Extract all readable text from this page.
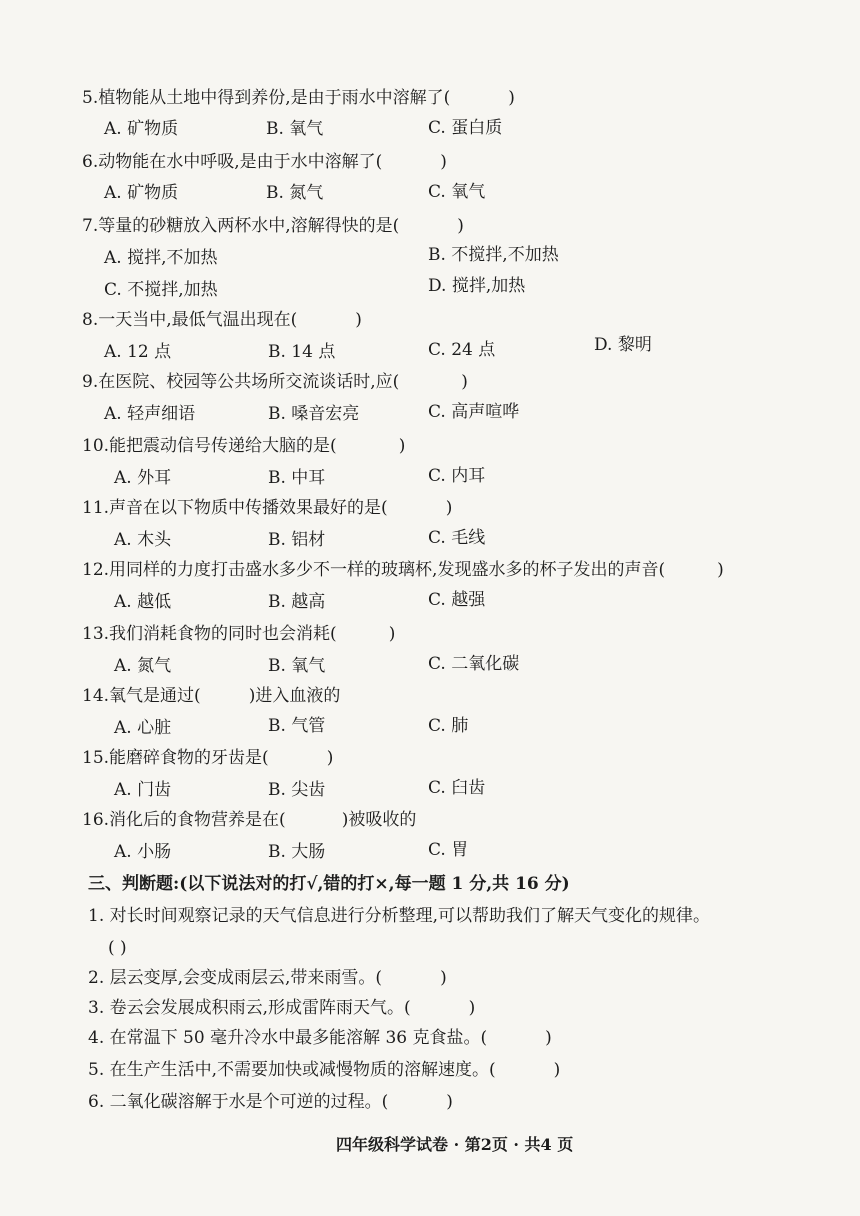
5.植物能从土地中得到养份,是由于雨水中溶解了(	)
A. 矿物质	B. 氧气	C. 蛋白质
6.动物能在水中呼吸,是由于水中溶解了(	)
A. 矿物质	B. 氮气	C. 氧气
7.等量的砂糖放入两杯水中,溶解得快的是(	)
A. 搅拌,不加热	B. 不搅拌,不加热
C. 不搅拌,加热	D. 搅拌,加热
8.一天当中,最低气温出现在(	)
A. 12 点	B. 14 点	C. 24 点	D. 黎明
9.在医院、校园等公共场所交流谈话时,应(	)
A. 轻声细语	B. 嗓音宏亮	C. 高声喧哗
10.能把震动信号传递给大脑的是(	)
A. 外耳	B. 中耳	C. 内耳
11.声音在以下物质中传播效果最好的是(	)
A. 木头	B. 铝材	C. 毛线
12.用同样的力度打击盛水多少不一样的玻璃杯,发现盛水多的杯子发出的声音(	)
A. 越低	B. 越高	C. 越强
13.我们消耗食物的同时也会消耗(	)
A. 氮气	B. 氧气	C. 二氧化碳
14.氧气是通过(	)进入血液的
A. 心脏	B. 气管	C. 肺
15.能磨碎食物的牙齿是(	)
A. 门齿	B. 尖齿	C. 臼齿
16.消化后的食物营养是在(	)被吸收的
A. 小肠	B. 大肠	C. 胃
三、判断题:(以下说法对的打√,错的打×,每一题 1 分,共 16 分)
1. 对长时间观察记录的天气信息进行分析整理,可以帮助我们了解天气变化的规律。
( )
2. 层云变厚,会变成雨层云,带来雨雪。(	)
3. 卷云会发展成积雨云,形成雷阵雨天气。(	)
4. 在常温下 50 毫升冷水中最多能溶解 36 克食盐。(	)
5. 在生产生活中,不需要加快或减慢物质的溶解速度。(	)
6. 二氧化碳溶解于水是个可逆的过程。(	)
四年级科学试卷 · 第2页 · 共4 页
